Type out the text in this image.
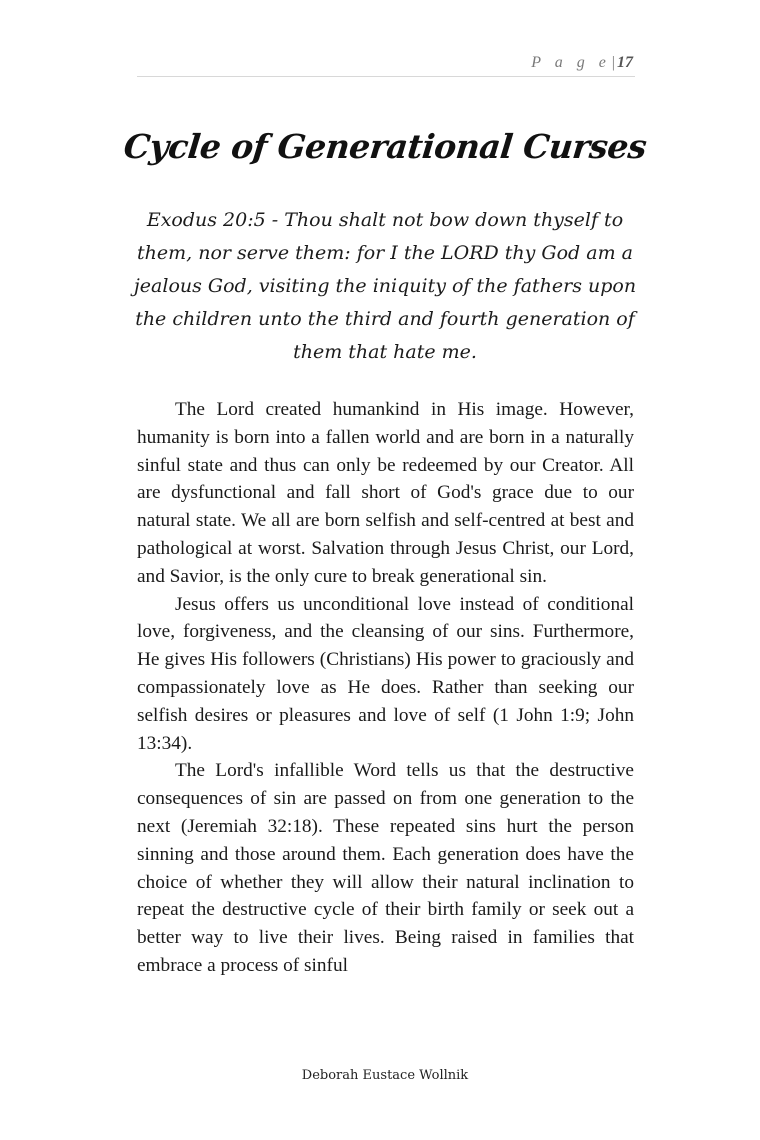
P a g e| 17
Cycle of Generational Curses
Exodus 20:5 - Thou shalt not bow down thyself to them, nor serve them: for I the LORD thy God am a jealous God, visiting the iniquity of the fathers upon the children unto the third and fourth generation of them that hate me.

The Lord created humankind in His image. However, humanity is born into a fallen world and are born in a naturally sinful state and thus can only be redeemed by our Creator. All are dysfunctional and fall short of God's grace due to our natural state. We all are born selfish and self-centred at best and pathological at worst. Salvation through Jesus Christ, our Lord, and Savior, is the only cure to break generational sin.

Jesus offers us unconditional love instead of conditional love, forgiveness, and the cleansing of our sins. Furthermore, He gives His followers (Christians) His power to graciously and compassionately love as He does. Rather than seeking our selfish desires or pleasures and love of self (1 John 1:9; John 13:34).

The Lord's infallible Word tells us that the destructive consequences of sin are passed on from one generation to the next (Jeremiah 32:18). These repeated sins hurt the person sinning and those around them. Each generation does have the choice of whether they will allow their natural inclination to repeat the destructive cycle of their birth family or seek out a better way to live their lives. Being raised in families that embrace a process of sinful

Deborah Eustace Wollnik
